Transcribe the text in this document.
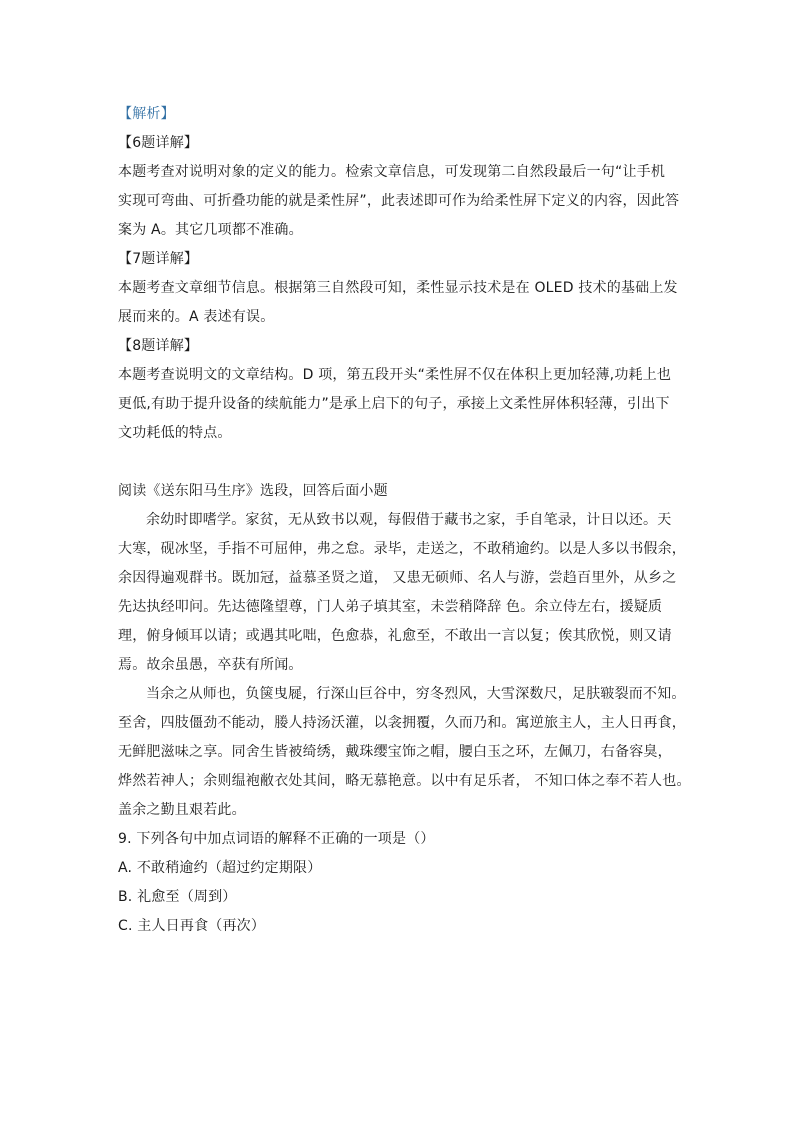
【解析】
【6题详解】
本题考查对说明对象的定义的能力。检索文章信息，可发现第二自然段最后一句“让手机
实现可弯曲、可折叠功能的就是柔性屏”，此表述即可作为给柔性屏下定义的内容，因此答
案为 A。其它几项都不准确。
【7题详解】
本题考查文章细节信息。根据第三自然段可知，柔性显示技术是在 OLED 技术的基础上发
展而来的。A 表述有误。
【8题详解】
本题考查说明文的文章结构。D 项，第五段开头“柔性屏不仅在体积上更加轻薄,功耗上也
更低,有助于提升设备的续航能力”是承上启下的句子，承接上文柔性屏体积轻薄，引出下
文功耗低的特点。
阅读《送东阳马生序》选段，回答后面小题
余幼时即嗜学。家贫，无从致书以观，每假借于藏书之家，手自笔录，计日以还。天
大寒，砚冰坚，手指不可屈伸，弗之怠。录毕，走送之，不敢稍逾约。以是人多以书假余，
余因得遍观群书。既加冠，益慕圣贤之道， 又患无硕师、名人与游，尝趋百里外，从乡之
先达执经叩问。先达德隆望尊，门人弟子填其室，未尝稍降辞 色。余立侍左右，援疑质
理，俯身倾耳以请；或遇其叱咄，色愈恭，礼愈至，不敢出一言以复；俟其欣悦，则又请
焉。故余虽愚，卒获有所闻。
当余之从师也，负箧曳屣，行深山巨谷中，穷冬烈风，大雪深数尺，足肤皲裂而不知。
至舍，四肢僵劲不能动，媵人持汤沃灌，以衾拥覆，久而乃和。寓逆旅主人，主人日再食，
无鲜肥滋味之享。同舍生皆被绮绣，戴珠缨宝饰之帽，腰白玉之环，左佩刀，右备容臭，
烨然若神人；余则缊袍敝衣处其间，略无慕艳意。以中有足乐者， 不知口体之奉不若人也。
盖余之勤且艰若此。
9. 下列各句中加点词语的解释不正确的一项是（）
A. 不敢稍逾约（超过约定期限）
B. 礼愈至（周到）
C. 主人日再食（再次）
